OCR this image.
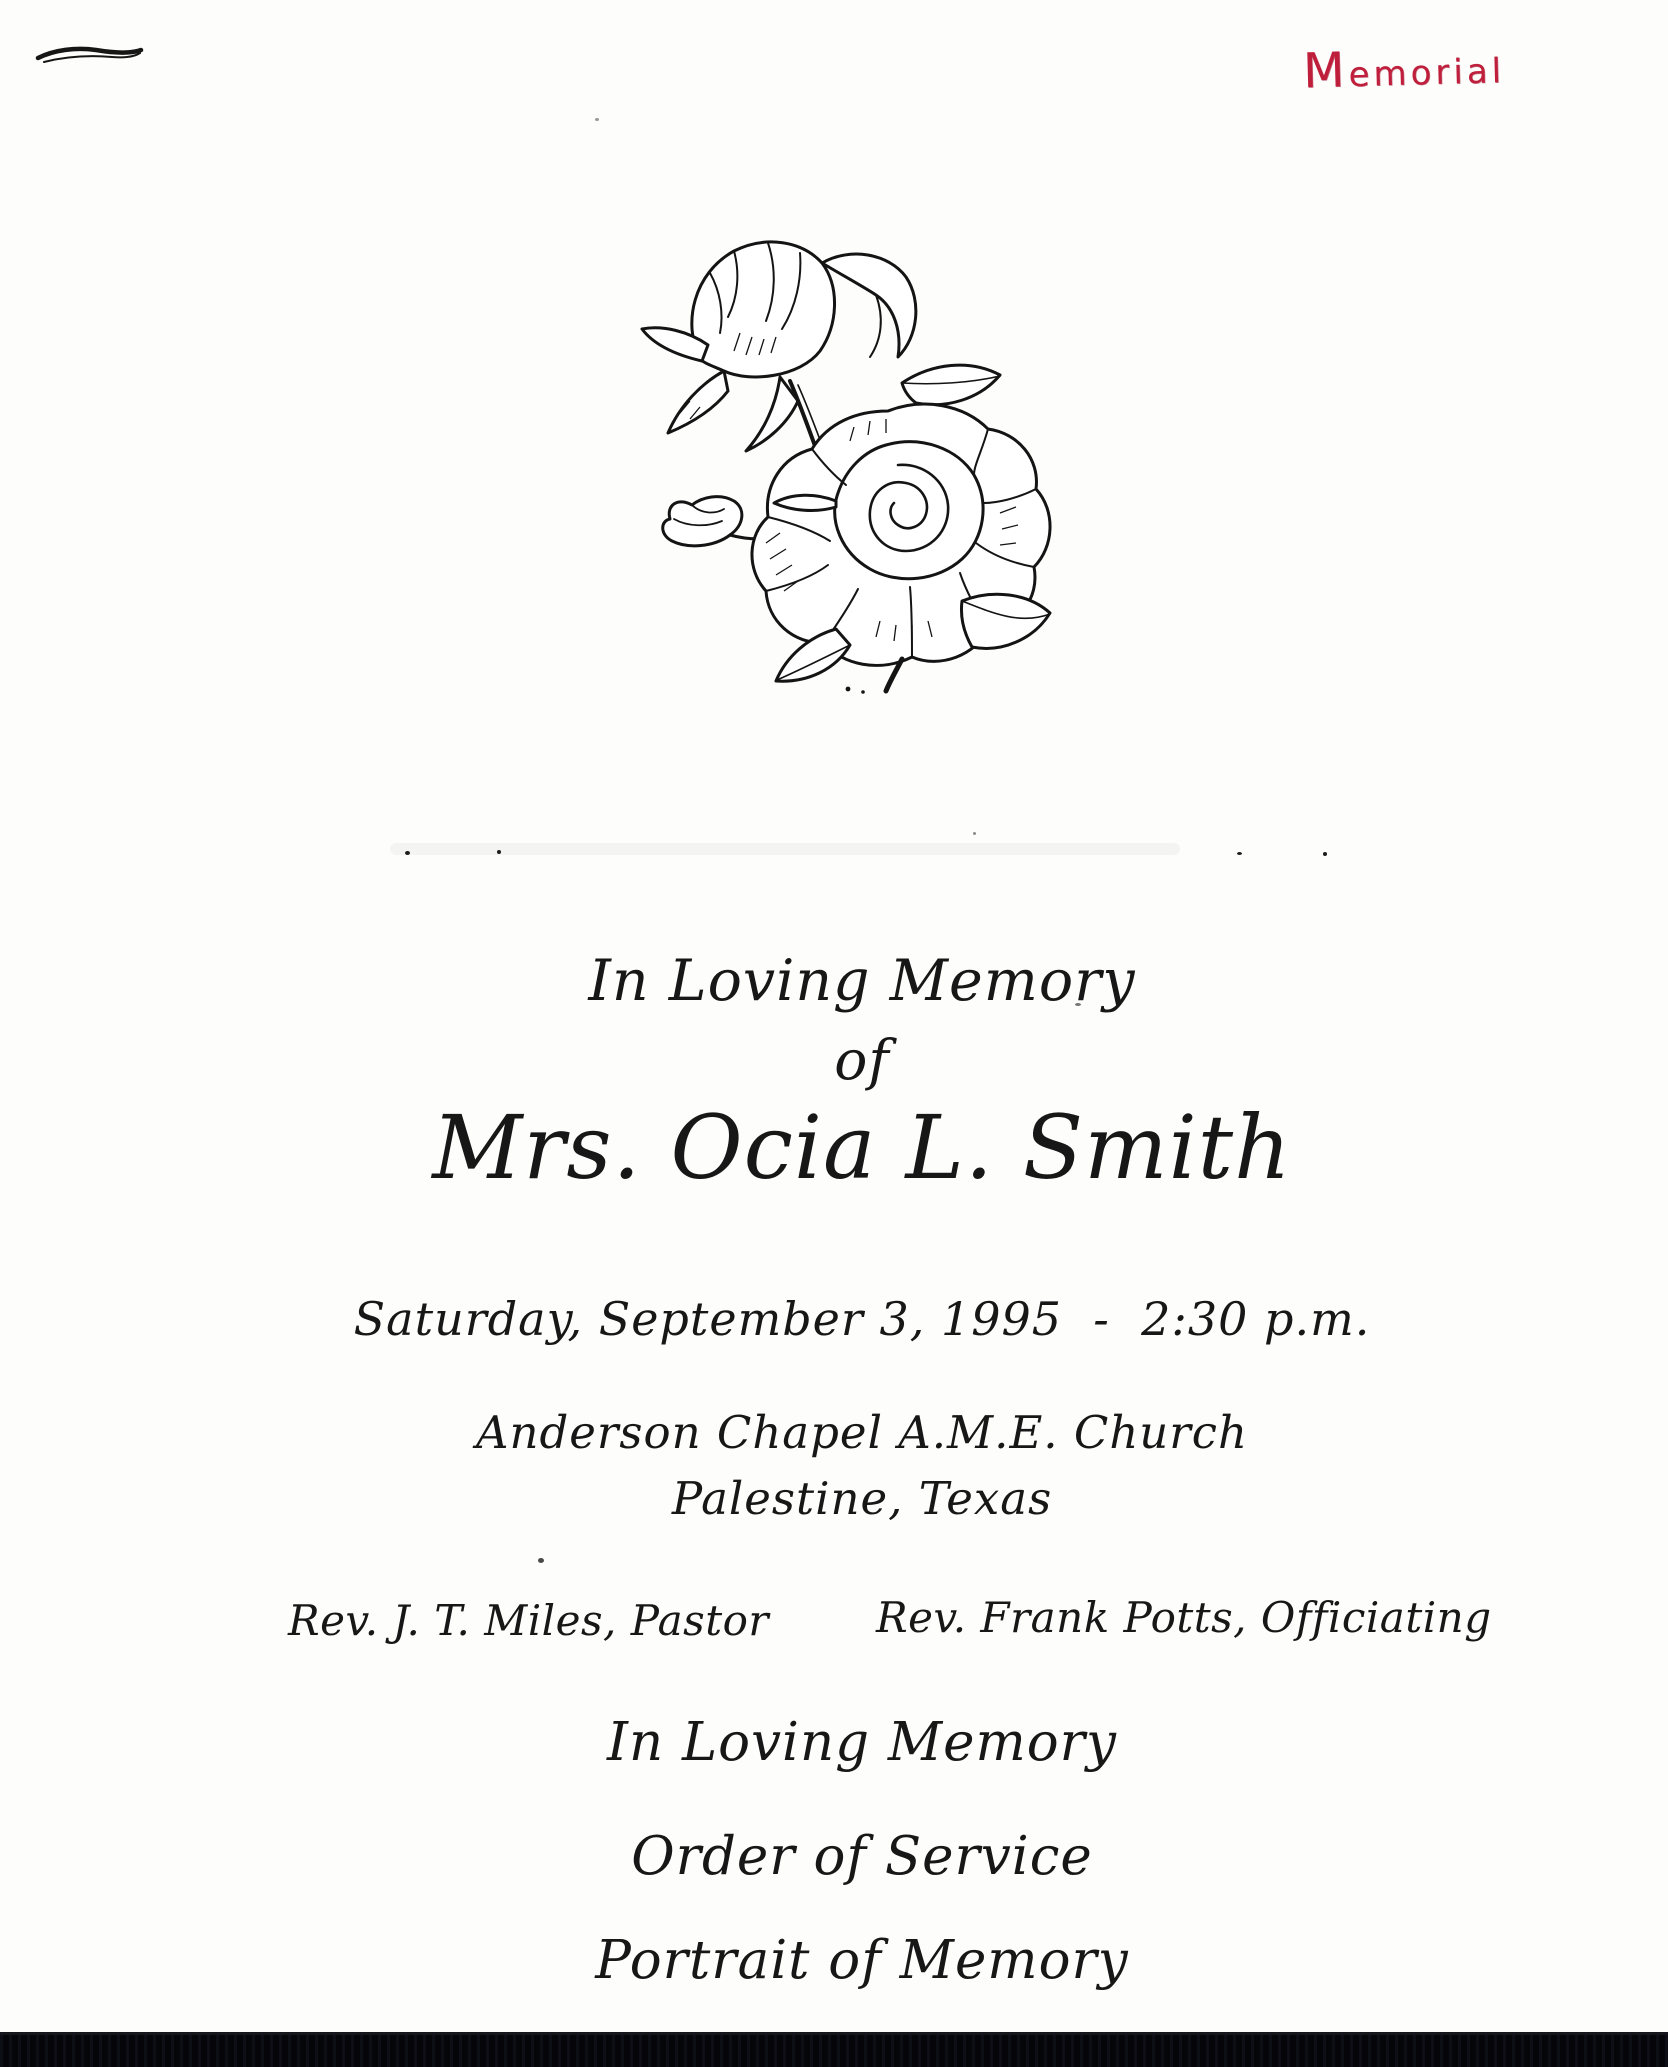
Memorial
In Loving Memory
of
Mrs. Ocia L. Smith
Saturday, September 3, 1995  -  2:30 p.m.
Anderson Chapel A.M.E. Church
Palestine, Texas
In Loving Memory
Order of Service
Portrait of Memory
Rev. J. T. Miles, Pastor	Rev. Frank Potts, Officiating
